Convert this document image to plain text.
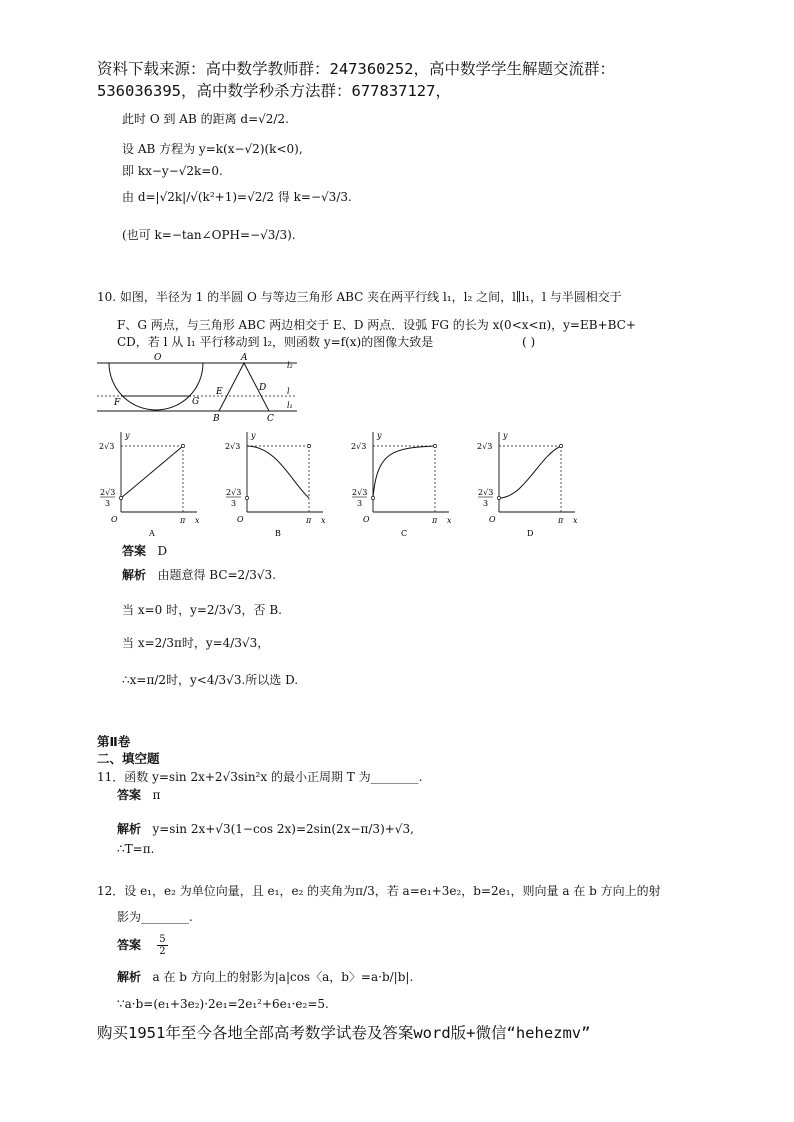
资料下载来源：高中数学教师群：247360252，高中数学学生解题交流群：
536036395，高中数学秒杀方法群：677837127，
此时 O 到 AB 的距离 d=√2/2.
设 AB 方程为 y=k(x−√2)(k<0),
即 kx−y−√2k=0.
由 d=|√2k|/√(k²+1)=√2/2 得 k=−√3/3.
(也可 k=−tan∠OPH=−√3/3).
10. 如图，半径为 1 的半圆 O 与等边三角形 ABC 夹在两平行线 l₁，l₂ 之间，l∥l₁，l 与半圆相交于
F、G 两点，与三角形 ABC 两边相交于 E、D 两点．设弧 FG 的长为 x(0<x<π)，y=EB+BC+
CD，若 l 从 l₁ 平行移动到 l₂，则函数 y=f(x)的图像大致是	( )
O	A
E	D
F	G
B	C
l₂
l
l₁
y
x
O	π
2√3
2√3
3
A
y
x
O	π
2√3
2√3
3
B
y
x
O	π
2√3
2√3
3
C
y
x
O	π
2√3
2√3
3
D
答案 D
解析 由题意得 BC=2/3√3.
当 x=0 时，y=2/3√3，否 B.
当 x=2/3π时，y=4/3√3，
∴x=π/2时，y<4/3√3.所以选 D.
第Ⅱ卷
二、填空题
11．函数 y=sin 2x+2√3sin²x 的最小正周期 T 为________.
答案 π
解析 y=sin 2x+√3(1−cos 2x)=2sin(2x−π/3)+√3,
∴T=π.
12．设 e₁，e₂ 为单位向量，且 e₁，e₂ 的夹角为π/3，若 a=e₁+3e₂，b=2e₁，则向量 a 在 b 方向上的射
影为________.
答案 $\frac{5}{2}$
解析 a 在 b 方向上的射影为|a|cos〈a，b〉=a·b/|b|.
∵a·b=(e₁+3e₂)·2e₁=2e₁²+6e₁·e₂=5.
购买1951年至今各地全部高考数学试卷及答案word版+微信“hehezmv”
